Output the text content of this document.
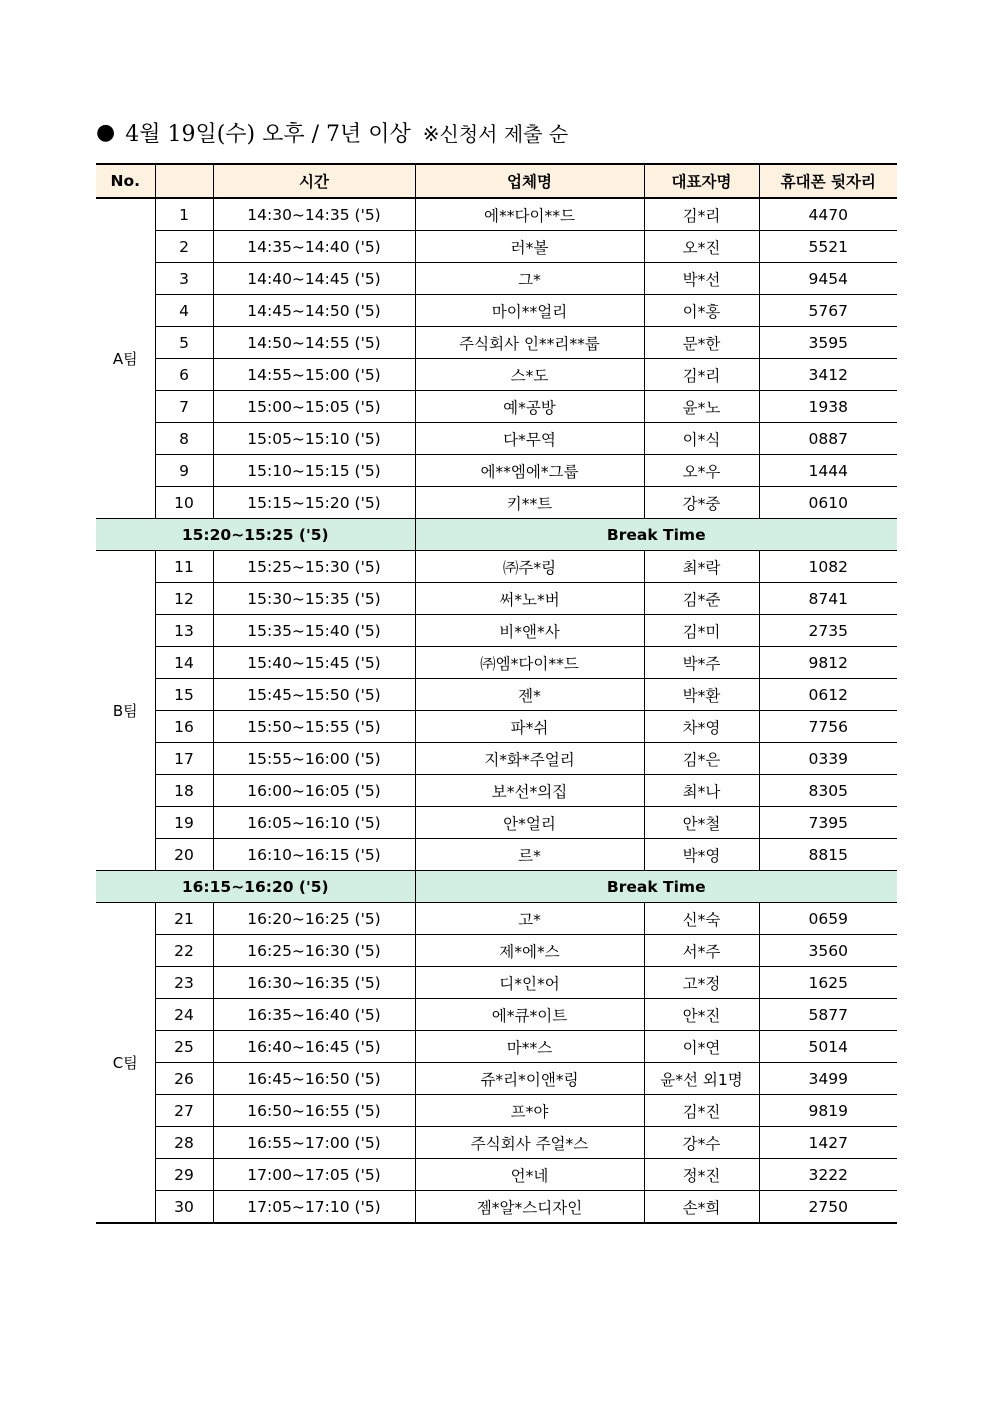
● 4월 19일(수) 오후 / 7년 이상 ※신청서 제출 순
No.		시간	업체명	대표자명	휴대폰 뒷자리
A팀	1	14:30~14:35 ('5)	에**다이**드	김*리	4470
	2	14:35~14:40 ('5)	러*볼	오*진	5521
	3	14:40~14:45 ('5)	그*	박*선	9454
	4	14:45~14:50 ('5)	마이**얼리	이*홍	5767
	5	14:50~14:55 ('5)	주식회사 인**리**룹	문*한	3595
	6	14:55~15:00 ('5)	스*도	김*리	3412
	7	15:00~15:05 ('5)	예*공방	윤*노	1938
	8	15:05~15:10 ('5)	다*무역	이*식	0887
	9	15:10~15:15 ('5)	에**엠에*그룹	오*우	1444
	10	15:15~15:20 ('5)	키**트	강*중	0610
15:20~15:25 ('5)			Break Time		
B팀	11	15:25~15:30 ('5)	㈜주*링	최*락	1082
	12	15:30~15:35 ('5)	써*노*버	김*준	8741
	13	15:35~15:40 ('5)	비*앤*사	김*미	2735
	14	15:40~15:45 ('5)	㈜엠*다이**드	박*주	9812
	15	15:45~15:50 ('5)	젠*	박*환	0612
	16	15:50~15:55 ('5)	파*쉬	차*영	7756
	17	15:55~16:00 ('5)	지*화*주얼리	김*은	0339
	18	16:00~16:05 ('5)	보*선*의집	최*나	8305
	19	16:05~16:10 ('5)	안*얼리	안*철	7395
	20	16:10~16:15 ('5)	르*	박*영	8815
16:15~16:20 ('5)			Break Time		
C팀	21	16:20~16:25 ('5)	고*	신*숙	0659
	22	16:25~16:30 ('5)	제*에*스	서*주	3560
	23	16:30~16:35 ('5)	디*인*어	고*정	1625
	24	16:35~16:40 ('5)	에*큐*이트	안*진	5877
	25	16:40~16:45 ('5)	마**스	이*연	5014
	26	16:45~16:50 ('5)	쥬*리*이앤*링	윤*선 외1명	3499
	27	16:50~16:55 ('5)	프*야	김*진	9819
	28	16:55~17:00 ('5)	주식회사 주얼*스	강*수	1427
	29	17:00~17:05 ('5)	언*네	정*진	3222
	30	17:05~17:10 ('5)	젬*알*스디자인	손*희	2750
